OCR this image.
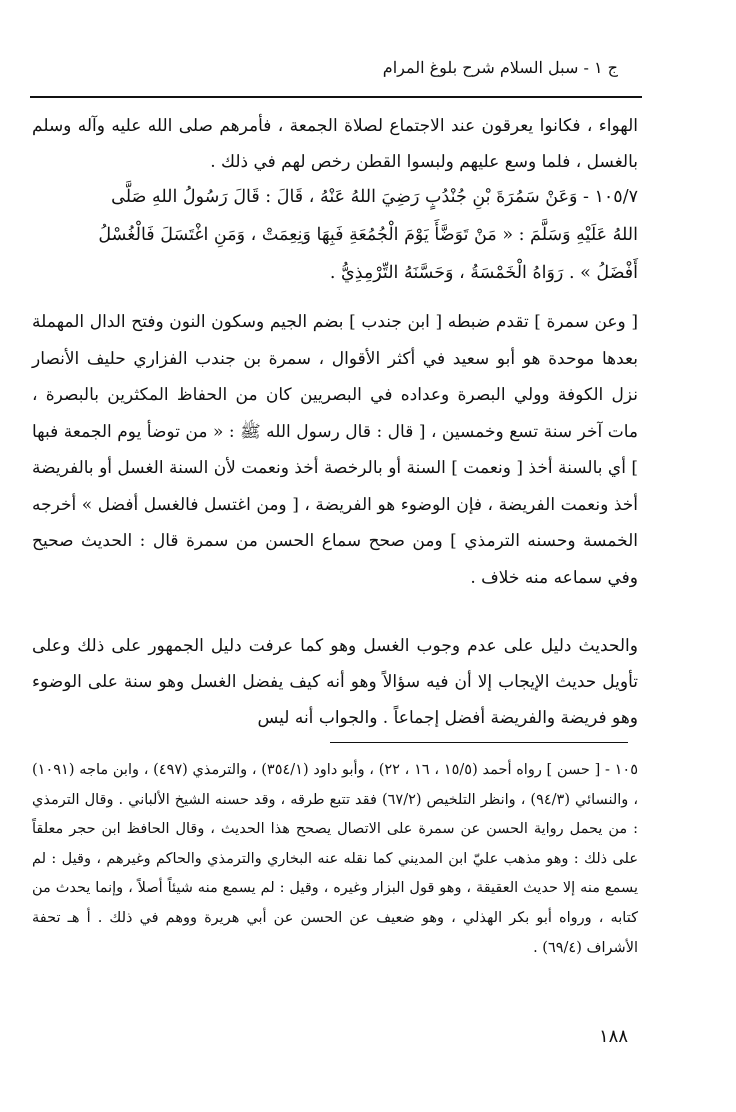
ج ١ - سبل السلام شرح بلوغ المرام
الهواء ، فكانوا يعرقون عند الاجتماع لصلاة الجمعة ، فأمرهم صلى الله عليه وآله وسلم بالغسل ، فلما وسع عليهم ولبسوا القطن رخص لهم في ذلك .
١٠٥/٧ - وَعَنْ سَمُرَةَ بْنِ جُنْدُبٍ رَضِيَ اللهُ عَنْهُ ، قَالَ : قَالَ رَسُولُ اللهِ صَلَّى
اللهُ عَلَيْهِ وَسَلَّمَ : « مَنْ تَوَضَّأَ يَوْمَ الْجُمُعَةِ فَبِهَا وَنِعِمَتْ ، وَمَنِ اغْتَسَلَ فَالْغُسْلُ
أَفْضَلُ » . رَوَاهُ الْخَمْسَةُ ، وَحَسَّنَهُ التِّرْمِذِيُّ .
[ وعن سمرة ] تقدم ضبطه [ ابن جندب ] بضم الجيم وسكون النون وفتح الدال المهملة بعدها موحدة هو أبو سعيد في أكثر الأقوال ، سمرة بن جندب الفزاري حليف الأنصار نزل الكوفة وولي البصرة وعداده في البصريين كان من الحفاظ المكثرين بالبصرة ، مات آخر سنة تسع وخمسين ، [ قال : قال رسول الله ﷺ : « من توضأ يوم الجمعة فبها ] أي بالسنة أخذ [ ونعمت ] السنة أو بالرخصة أخذ ونعمت لأن السنة الغسل أو بالفريضة أخذ ونعمت الفريضة ، فإن الوضوء هو الفريضة ، [ ومن اغتسل فالغسل أفضل » أخرجه الخمسة وحسنه الترمذي ] ومن صحح سماع الحسن من سمرة قال : الحديث صحيح وفي سماعه منه خلاف .
والحديث دليل على عدم وجوب الغسل وهو كما عرفت دليل الجمهور على ذلك وعلى تأويل حديث الإيجاب إلا أن فيه سؤالاً وهو أنه كيف يفضل الغسل وهو سنة على الوضوء وهو فريضة والفريضة أفضل إجماعاً . والجواب أنه ليس
١٠٥ - [ حسن ] رواه أحمد (١٥/٥ ، ١٦ ، ٢٢) ، وأبو داود (٣٥٤/١) ، والترمذي (٤٩٧) ، وابن ماجه (١٠٩١) ، والنسائي (٩٤/٣) ، وانظر التلخيص (٦٧/٢) فقد تتبع طرقه ، وقد حسنه الشيخ الألباني . وقال الترمذي : من يحمل رواية الحسن عن سمرة على الاتصال يصحح هذا الحديث ، وقال الحافظ ابن حجر معلقاً على ذلك : وهو مذهب عليّ ابن المديني كما نقله عنه البخاري والترمذي والحاكم وغيرهم ، وقيل : لم يسمع منه إلا حديث العقيقة ، وهو قول البزار وغيره ، وقيل : لم يسمع منه شيئاً أصلاً ، وإنما يحدث من كتابه ، ورواه أبو بكر الهذلي ، وهو ضعيف عن الحسن عن أبي هريرة ووهم في ذلك . أ هـ تحفة الأشراف (٦٩/٤) .
١٨٨
